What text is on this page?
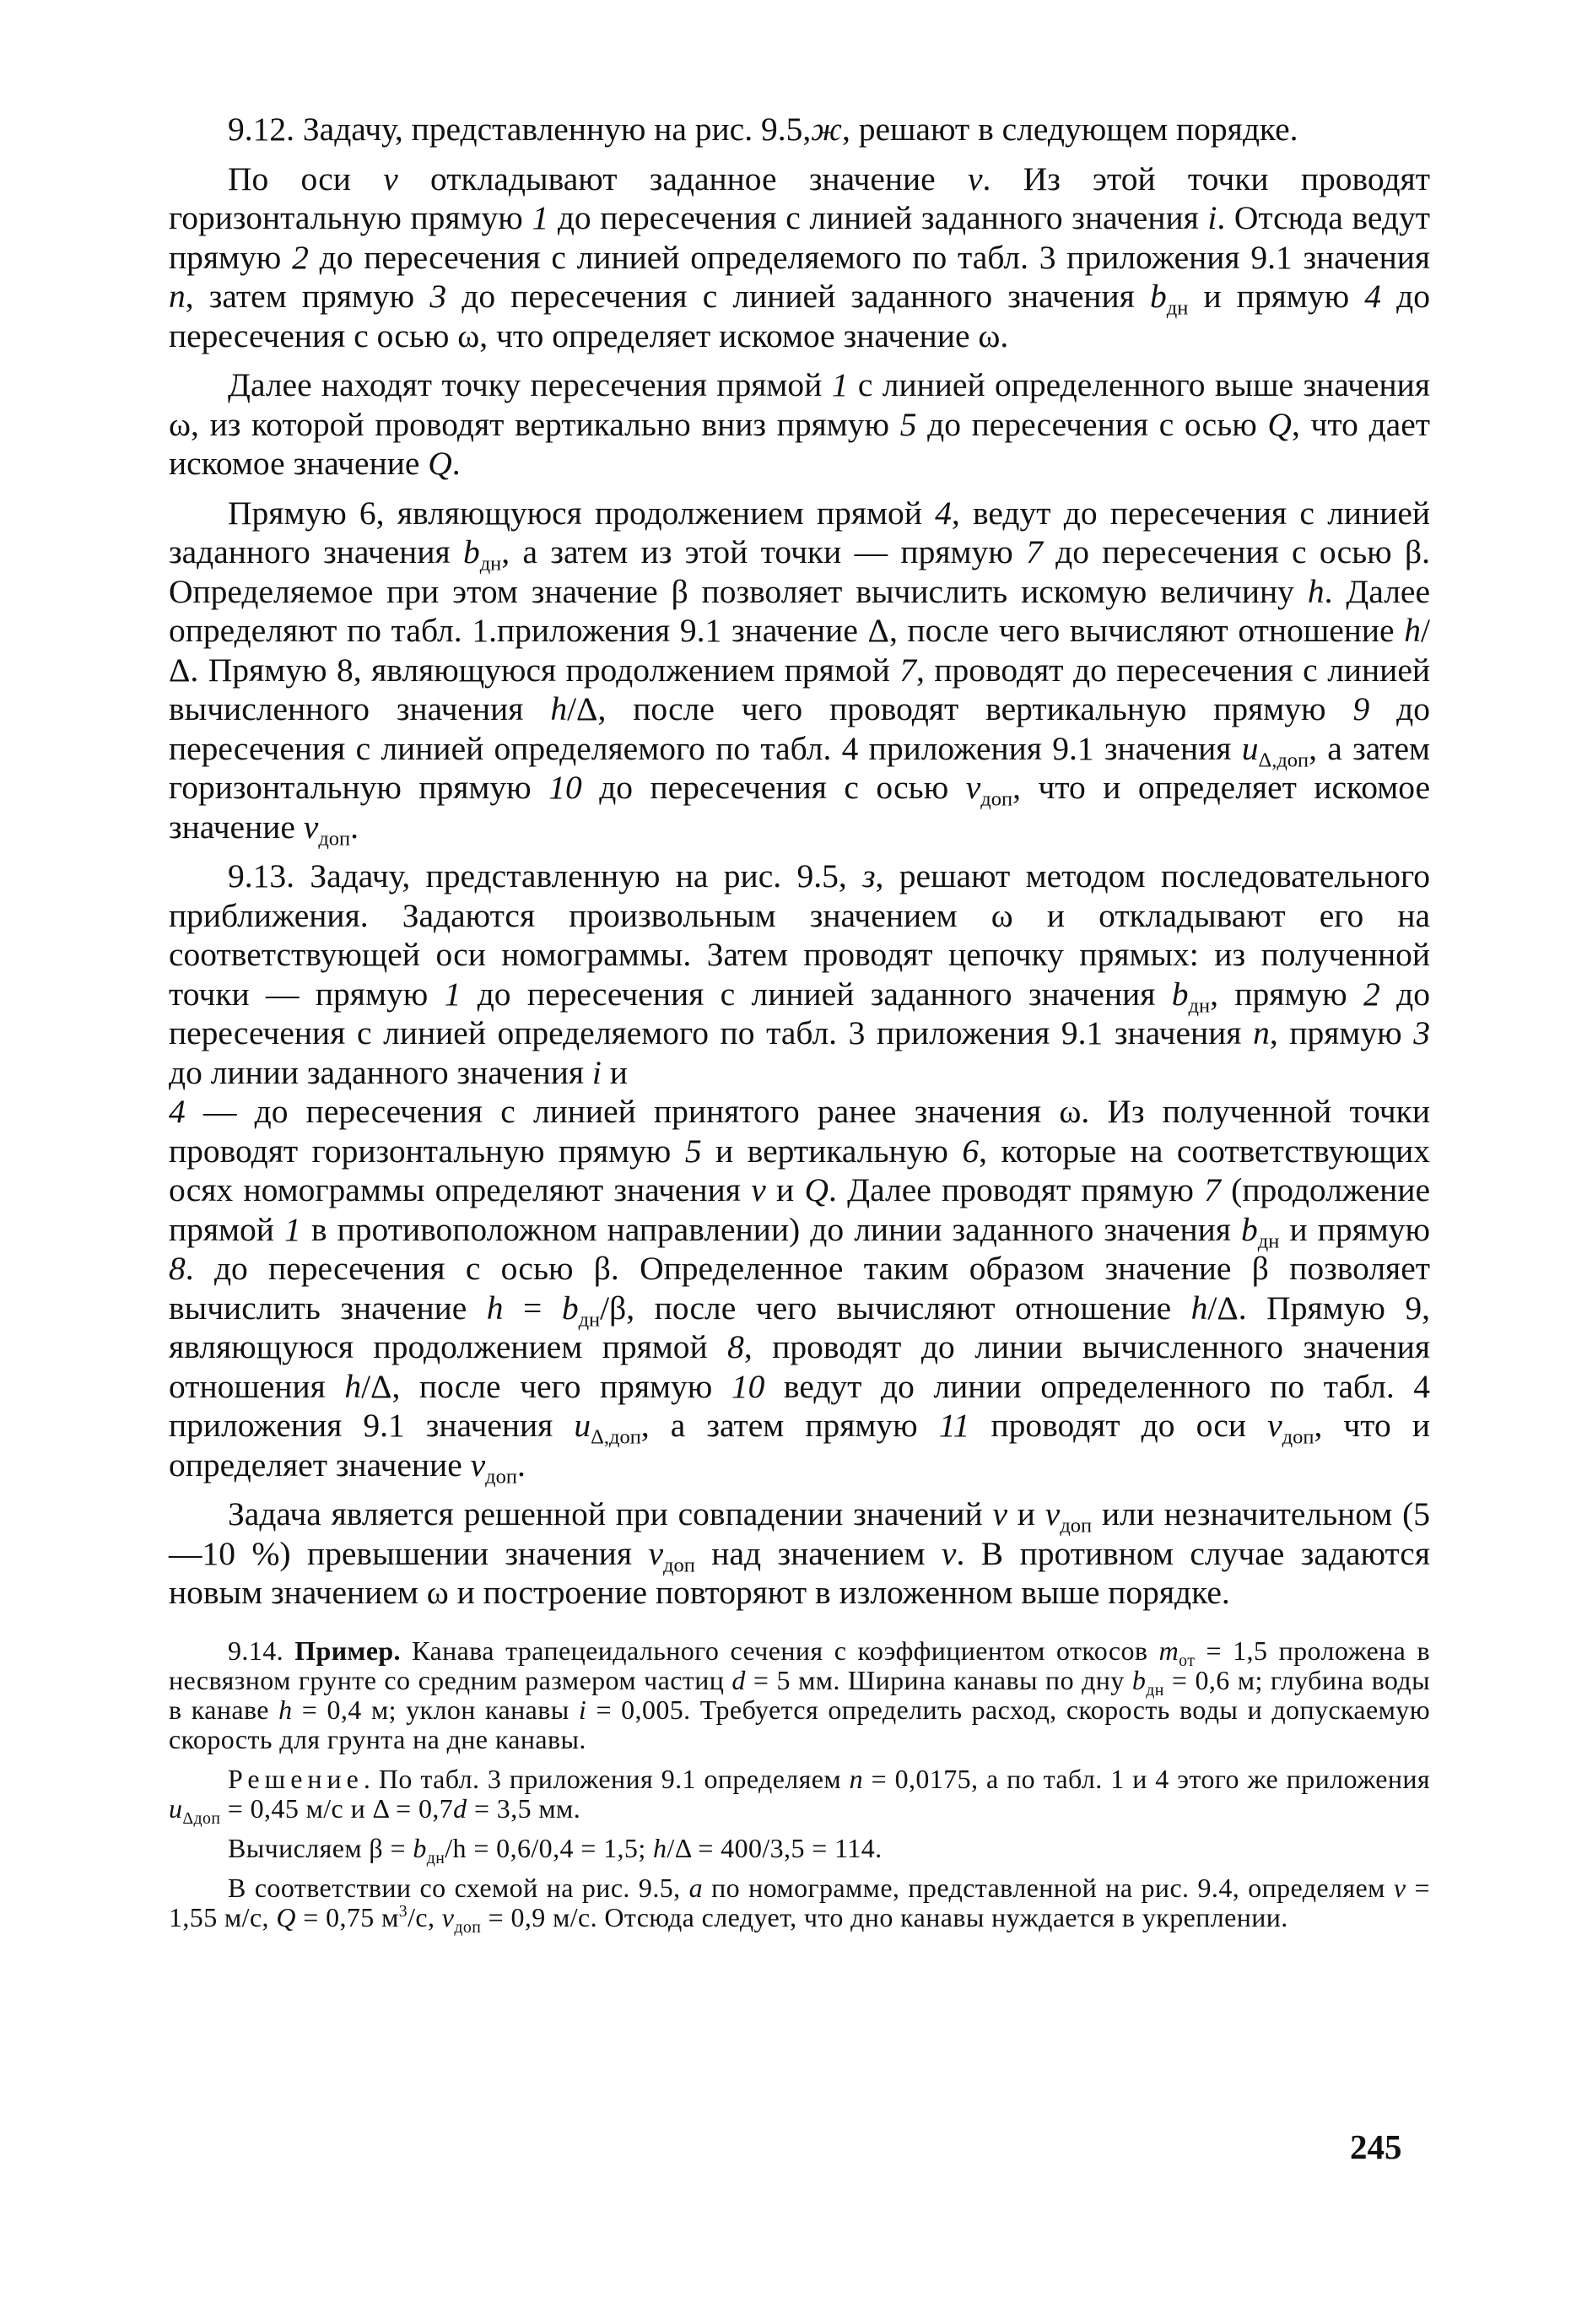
9.12. Задачу, представленную на рис. 9.5,ж, решают в следующем порядке.

По оси v откладывают заданное значение v. Из этой точки проводят горизонтальную прямую 1 до пересечения с линией заданного значения i. Отсюда ведут прямую 2 до пересечения с линией определяемого по табл. 3 приложения 9.1 значения n, затем прямую 3 до пересечения с линией заданного значения $b_{дн}$ и прямую 4 до пересечения с осью ω, что определяет искомое значение ω.

Далее находят точку пересечения прямой 1 с линией определенного выше значения ω, из которой проводят вертикально вниз прямую 5 до пересечения с осью Q, что дает искомое значение Q.

Прямую 6, являющуюся продолжением прямой 4, ведут до пересечения с линией заданного значения $b_{дн}$, а затем из этой точки — прямую 7 до пересечения с осью β. Определяемое при этом значение β позволяет вычислить искомую величину h. Далее определяют по табл. 1.приложения 9.1 значение Δ, после чего вычисляют отношение h/Δ. Прямую 8, являющуюся продолжением прямой 7, проводят до пересечения с линией вычисленного значения h/Δ, после чего проводят вертикальную прямую 9 до пересечения с линией определяемого по табл. 4 приложения 9.1 значения $u_{\Delta,доп}$, а затем горизонтальную прямую 10 до пересечения с осью $v_{доп}$, что и определяет искомое значение $v_{доп}$.

9.13. Задачу, представленную на рис. 9.5, з, решают методом последовательного приближения. Задаются произвольным значением ω и откладывают его на соответствующей оси номограммы. Затем проводят цепочку прямых: из полученной точки — прямую 1 до пересечения с линией заданного значения $b_{дн}$, прямую 2 до пересечения с линией определяемого по табл. 3 приложения 9.1 значения n, прямую 3 до линии заданного значения i и
4 — до пересечения с линией принятого ранее значения ω. Из полученной точки проводят горизонтальную прямую 5 и вертикальную 6, которые на соответствующих осях номограммы определяют значения v и Q. Далее проводят прямую 7 (продолжение прямой 1 в противоположном направлении) до линии заданного значения $b_{дн}$ и прямую 8. до пересечения с осью β. Определенное таким образом значение β позволяет вычислить значение $h = b_{дн}/\beta$, после чего вычисляют отношение h/Δ. Прямую 9, являющуюся продолжением прямой 8, проводят до линии вычисленного значения отношения h/Δ, после чего прямую 10 ведут до линии определенного по табл. 4 приложения 9.1 значения $u_{\Delta,доп}$, а затем прямую 11 проводят до оси $v_{доп}$, что и определяет значение $v_{доп}$.

Задача является решенной при совпадении значений v и $v_{доп}$ или незначительном (5—10 %) превышении значения $v_{доп}$ над значением v. В противном случае задаются новым значением ω и построение повторяют в изложенном выше порядке.

9.14. Пример. Канава трапецеидального сечения с коэффициентом откосов $m_{от} = 1,5$ проложена в несвязном грунте со средним размером частиц d = 5 мм. Ширина канавы по дну $b_{дн} = 0,6$ м; глубина воды в канаве h = 0,4 м; уклон канавы i = 0,005. Требуется определить расход, скорость воды и допускаемую скорость для грунта на дне канавы.

Решение. По табл. 3 приложения 9.1 определяем n = 0,0175, а по табл. 1 и 4 этого же приложения $u_{\Delta доп} = 0,45$ м/с и Δ = 0,7d = 3,5 мм.

Вычисляем $\beta = b_{дн}/h = 0,6/0,4 = 1,5$; h/Δ = 400/3,5 = 114.

В соответствии со схемой на рис. 9.5, а по номограмме, представленной на рис. 9.4, определяем v = 1,55 м/с, Q = 0,75 $м^3/с$, $v_{доп} = 0,9$ м/с. Отсюда следует, что дно канавы нуждается в укреплении.

245
